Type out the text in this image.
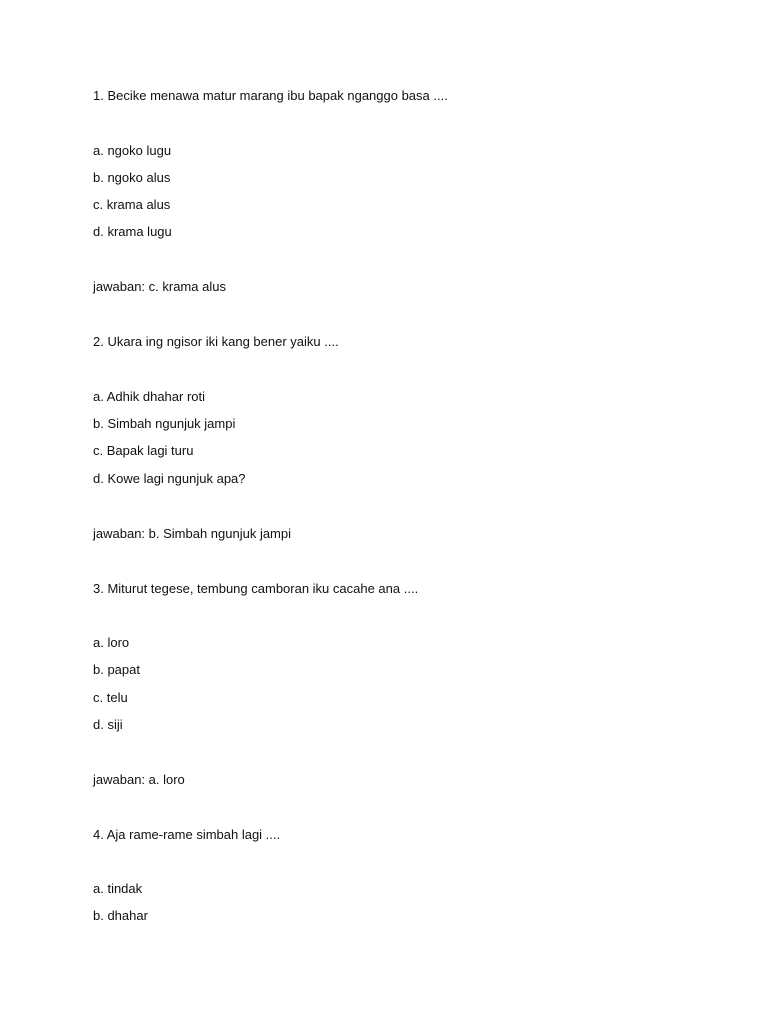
1. Becike menawa matur marang ibu bapak nganggo basa ....
a. ngoko lugu
b. ngoko alus
c. krama alus
d. krama lugu
jawaban: c. krama alus
2. Ukara ing ngisor iki kang bener yaiku ....
a. Adhik dhahar roti
b. Simbah ngunjuk jampi
c. Bapak lagi turu
d. Kowe lagi ngunjuk apa?
jawaban: b. Simbah ngunjuk jampi
3. Miturut tegese, tembung camboran iku cacahe ana ....
a. loro
b. papat
c. telu
d. siji
jawaban: a. loro
4. Aja rame-rame simbah lagi ....
a. tindak
b. dhahar
